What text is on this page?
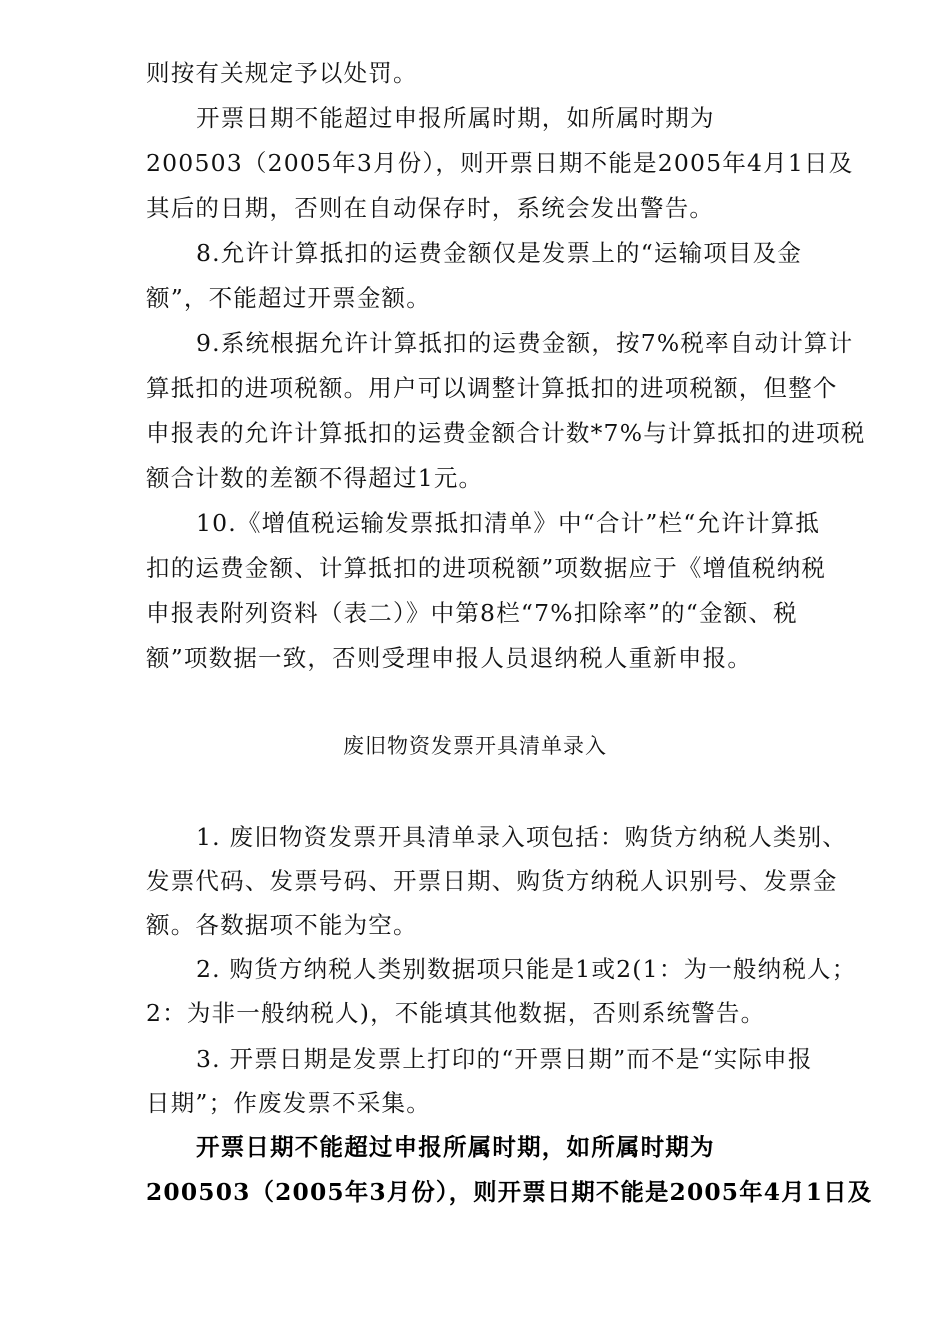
则按有关规定予以处罚。
开票日期不能超过申报所属时期，如所属时期为
200503（2005年3月份），则开票日期不能是2005年4月1日及
其后的日期，否则在自动保存时，系统会发出警告。
8.允许计算抵扣的运费金额仅是发票上的“运输项目及金
额”，不能超过开票金额。
9.系统根据允许计算抵扣的运费金额，按7%税率自动计算计
算抵扣的进项税额。用户可以调整计算抵扣的进项税额，但整个
申报表的允许计算抵扣的运费金额合计数*7%与计算抵扣的进项税
额合计数的差额不得超过1元。
10.《增值税运输发票抵扣清单》中“合计”栏“允许计算抵
扣的运费金额、计算抵扣的进项税额”项数据应于《增值税纳税
申报表附列资料（表二）》中第8栏“7%扣除率”的“金额、税
额”项数据一致，否则受理申报人员退纳税人重新申报。
废旧物资发票开具清单录入
1. 废旧物资发票开具清单录入项包括：购货方纳税人类别、
发票代码、发票号码、开票日期、购货方纳税人识别号、发票金
额。各数据项不能为空。
2. 购货方纳税人类别数据项只能是1或2(1：为一般纳税人；
2：为非一般纳税人)，不能填其他数据，否则系统警告。
3. 开票日期是发票上打印的“开票日期”而不是“实际申报
日期”；作废发票不采集。
开票日期不能超过申报所属时期，如所属时期为
200503（2005年3月份），则开票日期不能是2005年4月1日及
